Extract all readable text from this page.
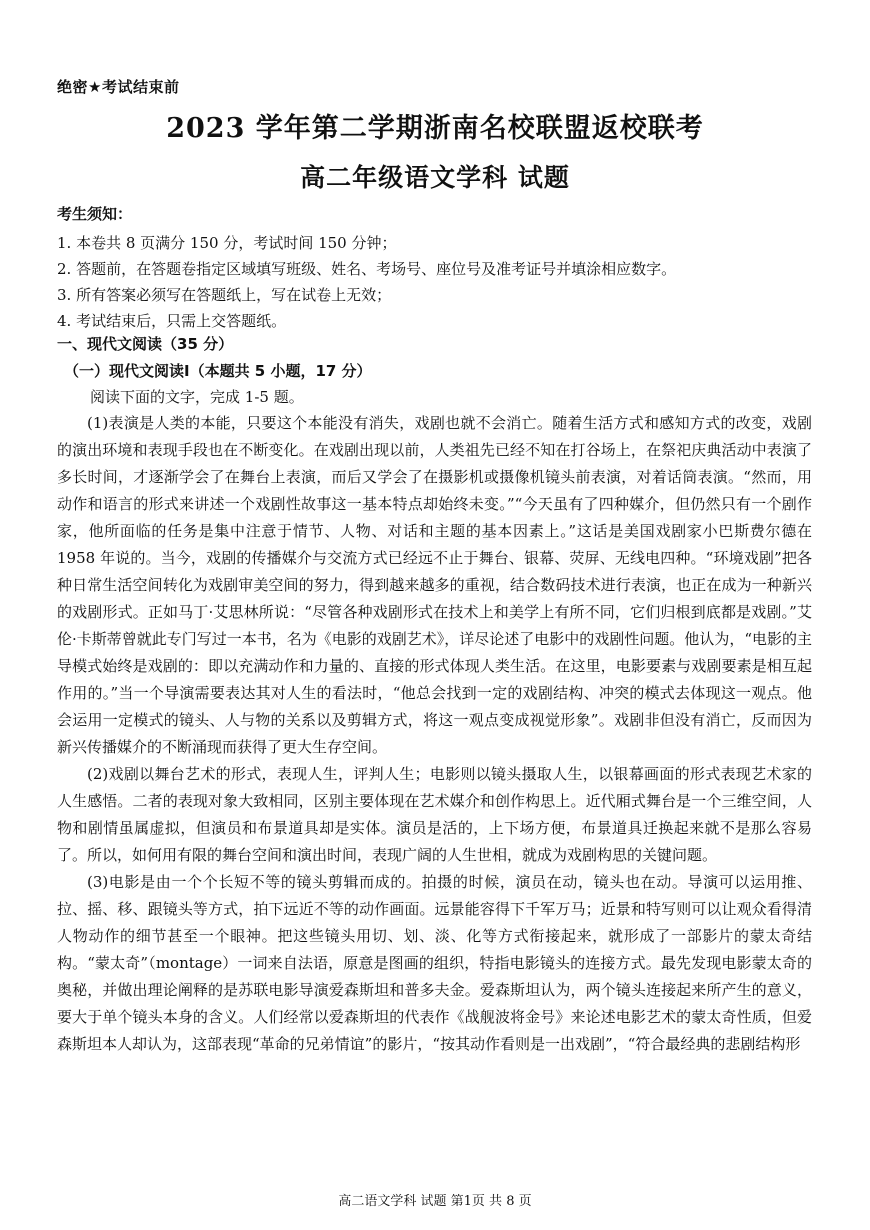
绝密★考试结束前
2023 学年第二学期浙南名校联盟返校联考
高二年级语文学科 试题
考生须知：
1. 本卷共 8 页满分 150 分，考试时间 150 分钟；
2. 答题前，在答题卷指定区域填写班级、姓名、考场号、座位号及准考证号并填涂相应数字。
3. 所有答案必须写在答题纸上，写在试卷上无效；
4. 考试结束后，只需上交答题纸。
一、现代文阅读（35 分）
（一）现代文阅读Ⅰ（本题共 5 小题，17 分）
阅读下面的文字，完成 1-5 题。

(1)表演是人类的本能，只要这个本能没有消失，戏剧也就不会消亡。随着生活方式和感知方式的改变，戏剧的演出环境和表现手段也在不断变化。在戏剧出现以前，人类祖先已经不知在打谷场上，在祭祀庆典活动中表演了多长时间，才逐渐学会了在舞台上表演，而后又学会了在摄影机或摄像机镜头前表演，对着话筒表演。“然而，用动作和语言的形式来讲述一个戏剧性故事这一基本特点却始终未变。”“今天虽有了四种媒介，但仍然只有一个剧作家，他所面临的任务是集中注意于情节、人物、对话和主题的基本因素上。”这话是美国戏剧家小巴斯费尔德在 1958 年说的。当今，戏剧的传播媒介与交流方式已经远不止于舞台、银幕、荧屏、无线电四种。“环境戏剧”把各种日常生活空间转化为戏剧审美空间的努力，得到越来越多的重视，结合数码技术进行表演，也正在成为一种新兴的戏剧形式。正如马丁·艾思林所说：“尽管各种戏剧形式在技术上和美学上有所不同，它们归根到底都是戏剧。”艾伦·卡斯蒂曾就此专门写过一本书，名为《电影的戏剧艺术》，详尽论述了电影中的戏剧性问题。他认为，“电影的主导模式始终是戏剧的：即以充满动作和力量的、直接的形式体现人类生活。在这里，电影要素与戏剧要素是相互起作用的。”当一个导演需要表达其对人生的看法时，“他总会找到一定的戏剧结构、冲突的模式去体现这一观点。他会运用一定模式的镜头、人与物的关系以及剪辑方式，将这一观点变成视觉形象”。戏剧非但没有消亡，反而因为新兴传播媒介的不断涌现而获得了更大生存空间。

(2)戏剧以舞台艺术的形式，表现人生，评判人生；电影则以镜头摄取人生，以银幕画面的形式表现艺术家的人生感悟。二者的表现对象大致相同，区别主要体现在艺术媒介和创作构思上。近代厢式舞台是一个三维空间，人物和剧情虽属虚拟，但演员和布景道具却是实体。演员是活的，上下场方便，布景道具迁换起来就不是那么容易了。所以，如何用有限的舞台空间和演出时间，表现广阔的人生世相，就成为戏剧构思的关键问题。

(3)电影是由一个个长短不等的镜头剪辑而成的。拍摄的时候，演员在动，镜头也在动。导演可以运用推、拉、摇、移、跟镜头等方式，拍下远近不等的动作画面。远景能容得下千军万马；近景和特写则可以让观众看得清人物动作的细节甚至一个眼神。把这些镜头用切、划、淡、化等方式衔接起来，就形成了一部影片的蒙太奇结构。“蒙太奇”（montage）一词来自法语，原意是图画的组织，特指电影镜头的连接方式。最先发现电影蒙太奇的奥秘，并做出理论阐释的是苏联电影导演爱森斯坦和普多夫金。爱森斯坦认为，两个镜头连接起来所产生的意义，要大于单个镜头本身的含义。人们经常以爱森斯坦的代表作《战舰波将金号》来论述电影艺术的蒙太奇性质，但爱森斯坦本人却认为，这部表现“革命的兄弟情谊”的影片，“按其动作看则是一出戏剧”，“符合最经典的悲剧结构形

高二语文学科 试题 第1页 共 8 页
